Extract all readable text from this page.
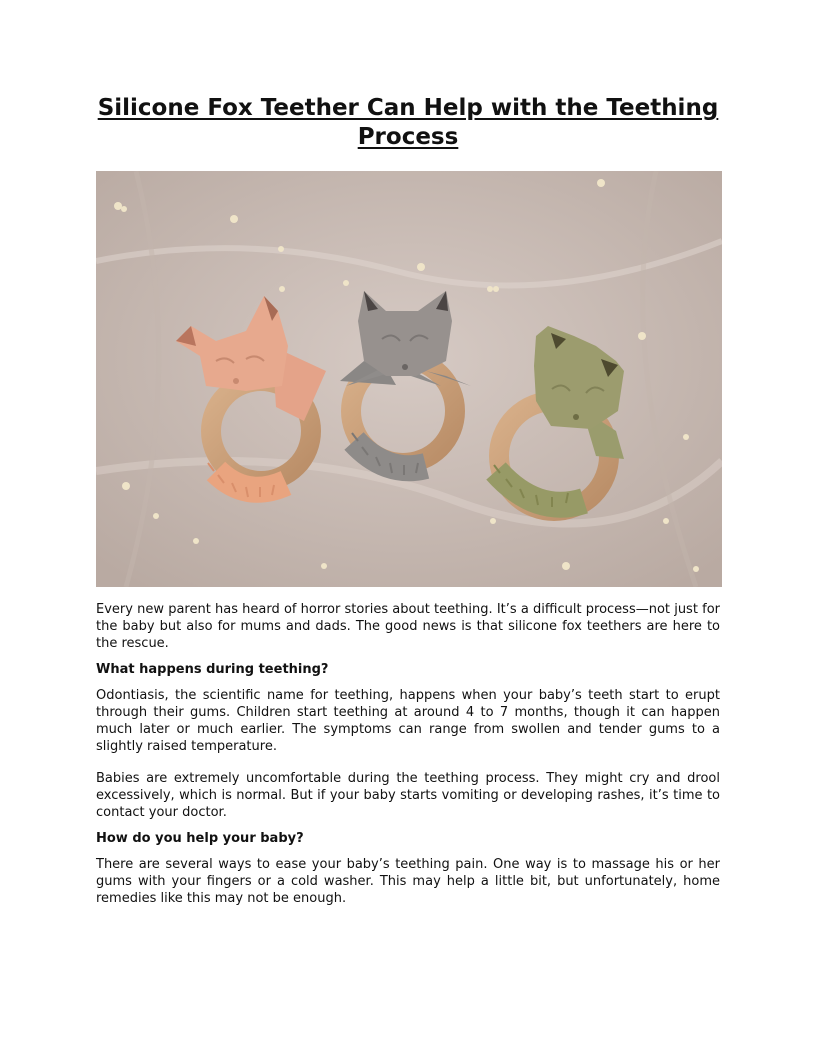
Silicone Fox Teether Can Help with the Teething Process

Every new parent has heard of horror stories about teething. It’s a difficult process—not just for the baby but also for mums and dads. The good news is that silicone fox teethers are here to the rescue.

What happens during teething?

Odontiasis, the scientific name for teething, happens when your baby’s teeth start to erupt through their gums. Children start teething at around 4 to 7 months, though it can happen much later or much earlier. The symptoms can range from swollen and tender gums to a slightly raised temperature.

Babies are extremely uncomfortable during the teething process. They might cry and drool excessively, which is normal. But if your baby starts vomiting or developing rashes, it’s time to contact your doctor.

How do you help your baby?

There are several ways to ease your baby’s teething pain. One way is to massage his or her gums with your fingers or a cold washer. This may help a little bit, but unfortunately, home remedies like this may not be enough.
